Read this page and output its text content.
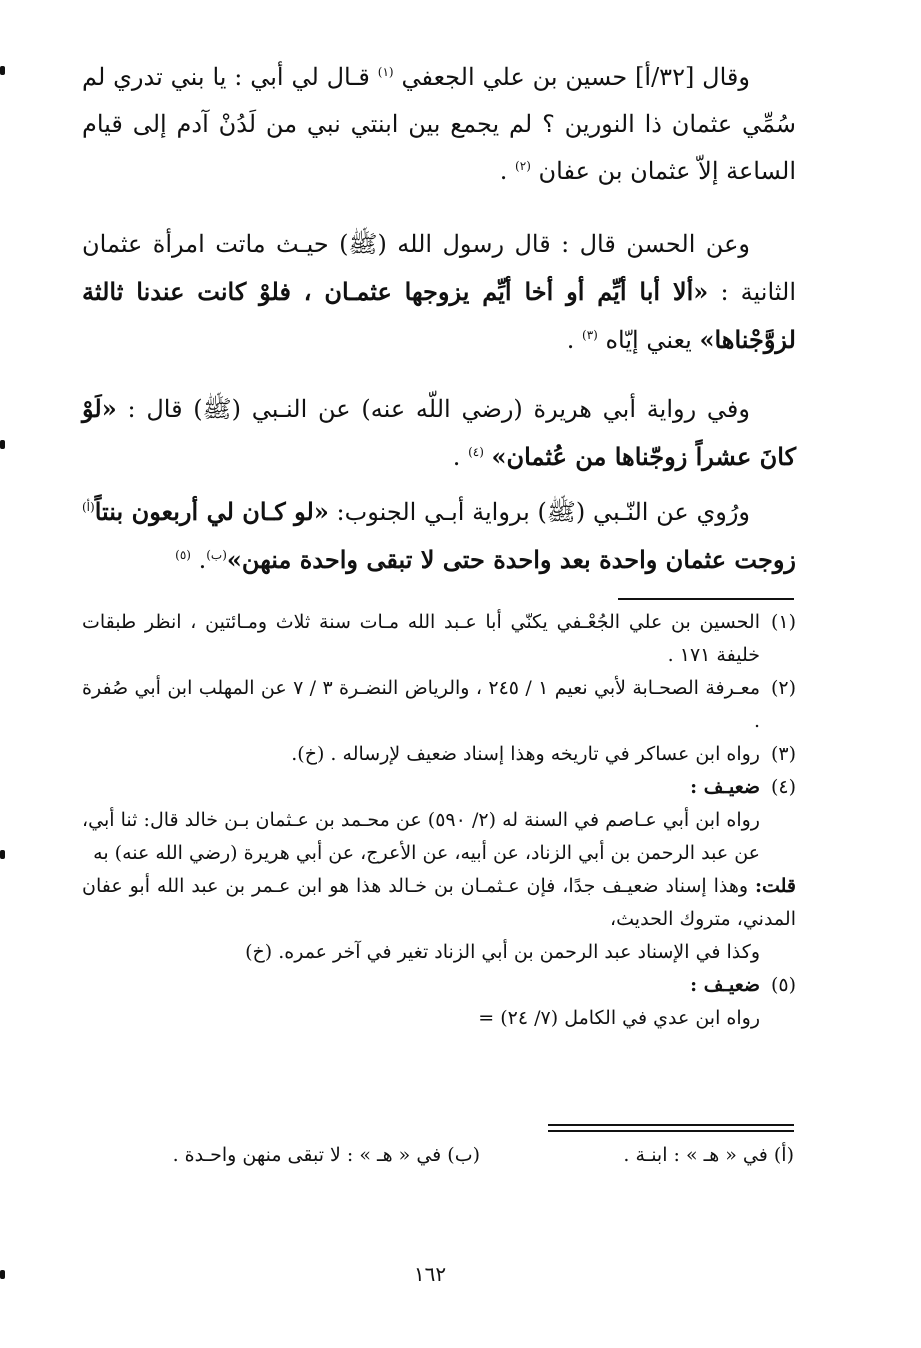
وقال [٣٢/أ] حسين بن علي الجعفي $^{(١)}$ قـال لي أبي : يا بني تدري لم سُمِّي عثمان ذا النورين ؟ لم يجمع بين ابنتي نبي من لَدُنْ آدم إلى قيام الساعة إلاّ عثمان بن عفان $^{(٢)}$ .

وعن الحسن قال : قال رسول الله (ﷺ) حيـث ماتت امرأة عثمان الثانية : «ألا أبا أيِّم أو أخا أيِّم يزوجها عثمـان ، فلوْ كانت عندنا ثالثة لزوَّجْناها» يعني إيّاه $^{(٣)}$ .

وفي رواية أبي هريرة (رضي اللّه عنه) عن النـبي (ﷺ) قال : «لَوْ كانَ عشراً زوجّناها من عُثمان» $^{(٤)}$ .

ورُوي عن النّـبي (ﷺ) برواية أبـي الجنوب: «لو كـان لي أربعون بنتاً$^{(أ)}$ زوجت عثمان واحدة بعد واحدة حتى لا تبقى واحدة منهن»$^{(ب)}$. $^{(٥)}$

(١)
الحسين بن علي الجُعْـفي يكنّي أبا عـبد الله مـات سنة ثلاث ومـائتين ، انظر طبقات خليفة ١٧١ .
(٢)
معـرفة الصحـابة لأبي نعيم ١ / ٢٤٥ ، والرياض النضـرة ٣ / ٧ عن المهلب ابن أبي صُفرة .
(٣)
رواه ابن عساكر في تاريخه وهذا إسناد ضعيف لإرساله . (خ).
(٤)
ضعيـف :

رواه ابن أبي عـاصم في السنة له (٢/ ٥٩٠) عن محـمد بن عـثمان بـن خالد قال: ثنا أبي، عن عبد الرحمن بن أبي الزناد، عن أبيه، عن الأعرج، عن أبي هريرة (رضي الله عنه) به

قلت: وهذا إسناد ضعيـف جدًا، فإن عـثمـان بن خـالد هذا هو ابن عـمر بن عبد الله أبو عفان المدني، متروك الحديث،

وكذا في الإسناد عبد الرحمن بن أبي الزناد تغير في آخر عمره. (خ)

(٥)
ضعيـف :

رواه ابن عدي في الكامل (٧/ ٢٤) =

(أ) في « هـ » : ابنـة .
(ب) في « هـ » : لا تبقى منهن واحـدة .
١٦٢
